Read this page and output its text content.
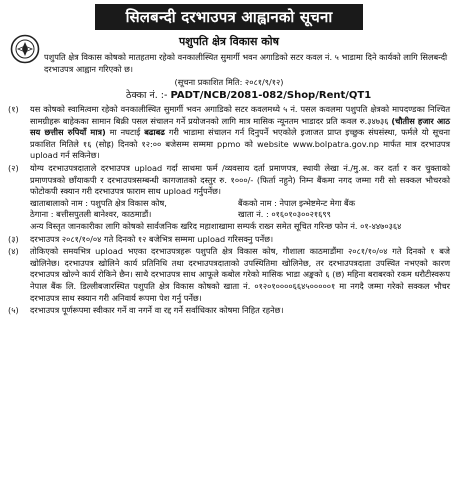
सिलबन्दी दरभाउपत्र आह्वानको सूचना
पशुपति क्षेत्र विकास कोष
पशुपति क्षेत्र विकास कोषको मातहतमा रहेको वनकालीस्थित सुमार्गी भवन अगाडिको सटर कवल नं. ५ भाडामा दिने कार्यको लागि सिलबन्दी दरभाउपत्र आह्वान गरिएको छ।
(सूचना प्रकाशित मिति: २०८१/९/१२)
ठेक्का नं. :- PADT/NCB/2081-082/Shop/Rent/QT1
(१)	यस कोषको स्वामित्वमा रहेको वनकालीस्थित सुमार्गी भवन अगाडिको सटर कवलमध्ये ५ नं. पसल कवलमा पशुपति क्षेत्रको मापदण्डका निश्चित सामग्रीहरू बाहेकका सामान बिक्री पसल संचालन गर्ने प्रयोजनको लागि मात्र मासिक न्यूनतम भाडादर प्रति कवल रु.३४७३६ (चौतीस हजार आठ सय छत्तीस रुपियाँ मात्र) मा नघटाई बढाबढ गरी भाडामा संचालन गर्न दिनुपर्ने भएकोले इजाजत प्राप्त इच्छुक संघसंस्था, फर्मले यो सूचना प्रकाशित मितिले १६ (सोह्र) दिनको १२:०० बजेसम्म सम्ममा ppmo को website www.bolpatra.gov.np मार्फत मात्र दरभाउपत्र upload गर्न सकिनेछ।
(२)	योग्य दरभाउपत्रदाताले दरभाउपत्र upload गर्दा साथमा फर्म /व्यवसाय दर्ता प्रमाणपत्र, स्थायी लेखा नं./मु.अ. कर दर्ता र कर चुक्ताको प्रमाणपत्रको छाँयाकपी र दरभाउपत्रसम्बन्धी कागजातको दस्तुर रु. १०००/- (फिर्ता नहुने) निम्न बैंकमा नगद जम्मा गरी सो सक्कल भौचरको फोटोकपी स्क्यान गरी दरभाउपत्र फाराम साथ upload गर्नुपर्नेछ।
खाताबालाको नाम : पशुपति क्षेत्र विकास कोष,	बैंकको नाम : नेपाल इन्भेष्टमेन्ट मेगा बैंक
ठेगाना : बत्तीसपुतली बानेश्वर, काठमाडौं।	खाता नं. : ०१६०१०३००२१६९९
अन्य विस्तृत जानकारीका लागि कोषको सार्वजनिक खरिद महाशाखामा सम्पर्क राख्न समेत सूचित गरिन्छ फोन नं. ०१-४४७०३६४
(३)	दरभाउपत्र २०८१/१०/०४ गते दिनको १२ बजेभित्र सम्ममा upload गरिसक्नु पर्नेछ।
(४)	तोकिएको समयभित्र upload भएका दरभाउपत्रहरू पशुपति क्षेत्र विकास कोष, गौशाला काठमाडौंमा २०८१/१०/०४ गते दिनको १ बजे खोलिनेछ। दरभाउपत्र खोलिने कार्य प्रतिनिधि तथा दरभाउपत्रदाताको उपस्थितिमा खोलिनेछ, तर दरभाउपत्रदाता उपस्थित नभएको कारण दरभाउपत्र खोल्ने कार्य रोकिने छैन। साथै दरभाउपत्र साथ आफूले कबोल गरेको मासिक भाडा अङ्कको ६ (छ) महिना बराबरको रकम धरौटीस्वरूप नेपाल बैंक लि. डिल्लीबजारस्थित पशुपति क्षेत्र विकास कोषको खाता नं. ०१२०१००००६६४५०००००१ मा नगदै जम्मा गरेको सक्कल भौचर दरभाउपत्र साथ स्क्यान गरी अनिवार्य रूपमा पेश गर्नु पर्नेछ।
(५)	दरभाउपत्र पूर्णरूपमा स्वीकार गर्ने वा नगर्ने वा रद्द गर्ने सर्वाधिकार कोषमा निहित रहनेछ।
